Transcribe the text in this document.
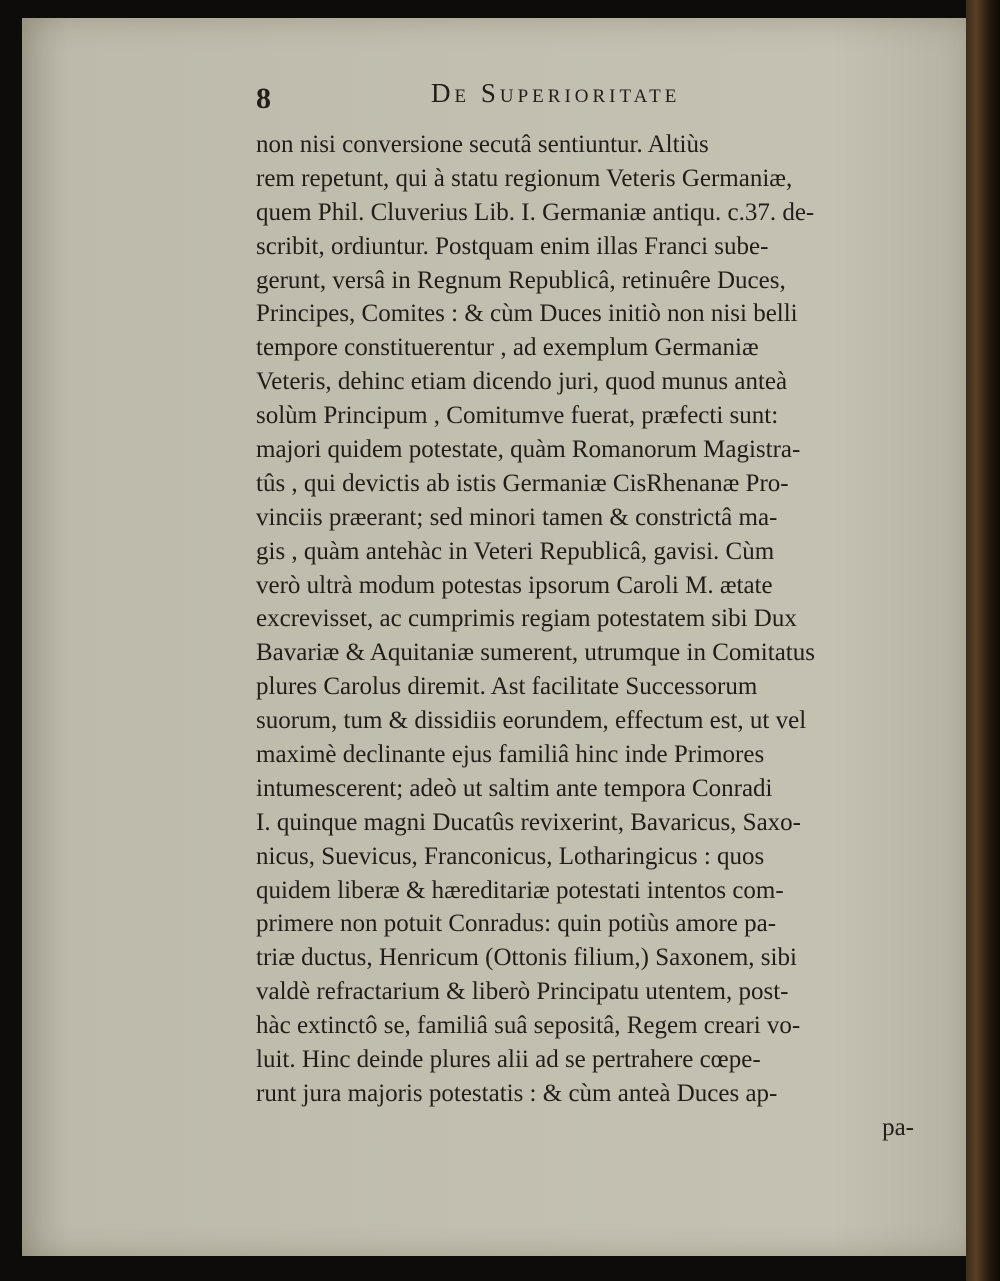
8	De Superioritate
non nisi conversione secutâ sentiuntur. Altiùs
rem repetunt, qui à statu regionum Veteris Germaniæ,
quem Phil. Cluverius Lib. I. Germaniæ antiqu. c.37. de-
scribit, ordiuntur. Postquam enim illas Franci sube-
gerunt, versâ in Regnum Republicâ, retinuêre Duces,
Principes, Comites : & cùm Duces initiò non nisi belli
tempore constituerentur , ad exemplum Germaniæ
Veteris, dehinc etiam dicendo juri, quod munus anteà
solùm Principum , Comitumve fuerat, præfecti sunt:
majori quidem potestate, quàm Romanorum Magistra-
tûs , qui devictis ab istis Germaniæ CisRhenanæ Pro-
vinciis præerant; sed minori tamen & constrictâ ma-
gis , quàm antehàc in Veteri Republicâ, gavisi. Cùm
verò ultrà modum potestas ipsorum Caroli M. ætate
excrevisset, ac cumprimis regiam potestatem sibi Dux
Bavariæ & Aquitaniæ sumerent, utrumque in Comitatus
plures Carolus diremit. Ast facilitate Successorum
suorum, tum & dissidiis eorundem, effectum est, ut vel
maximè declinante ejus familiâ hinc inde Primores
intumescerent; adeò ut saltim ante tempora Conradi
I. quinque magni Ducatûs revixerint, Bavaricus, Saxo-
nicus, Suevicus, Franconicus, Lotharingicus : quos
quidem liberæ & hæreditariæ potestati intentos com-
primere non potuit Conradus: quin potiùs amore pa-
triæ ductus, Henricum (Ottonis filium,) Saxonem, sibi
valdè refractarium & liberò Principatu utentem, post-
hàc extinctô se, familiâ suâ sepositâ, Regem creari vo-
luit. Hinc deinde plures alii ad se pertrahere cœpe-
runt jura majoris potestatis : & cùm anteà Duces ap-
pa-
